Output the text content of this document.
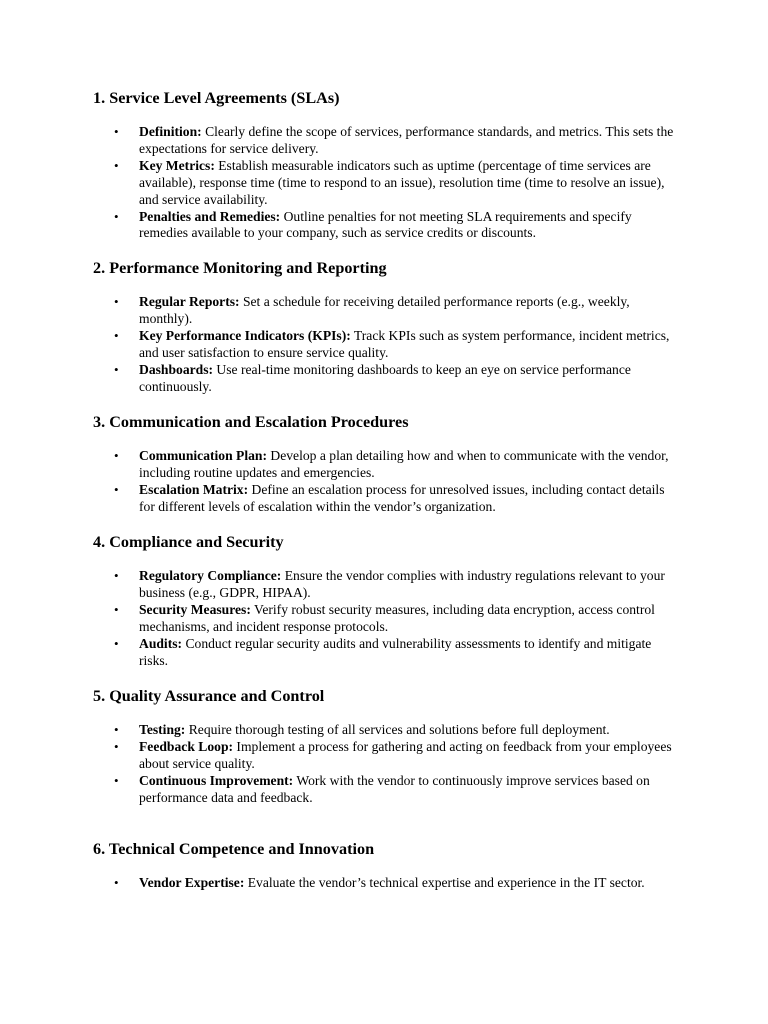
1. Service Level Agreements (SLAs)
• Definition: Clearly define the scope of services, performance standards, and metrics. This sets the expectations for service delivery.
• Key Metrics: Establish measurable indicators such as uptime (percentage of time services are available), response time (time to respond to an issue), resolution time (time to resolve an issue), and service availability.
• Penalties and Remedies: Outline penalties for not meeting SLA requirements and specify remedies available to your company, such as service credits or discounts.
2. Performance Monitoring and Reporting
• Regular Reports: Set a schedule for receiving detailed performance reports (e.g., weekly, monthly).
• Key Performance Indicators (KPIs): Track KPIs such as system performance, incident metrics, and user satisfaction to ensure service quality.
• Dashboards: Use real-time monitoring dashboards to keep an eye on service performance continuously.
3. Communication and Escalation Procedures
• Communication Plan: Develop a plan detailing how and when to communicate with the vendor, including routine updates and emergencies.
• Escalation Matrix: Define an escalation process for unresolved issues, including contact details for different levels of escalation within the vendor’s organization.
4. Compliance and Security
• Regulatory Compliance: Ensure the vendor complies with industry regulations relevant to your business (e.g., GDPR, HIPAA).
• Security Measures: Verify robust security measures, including data encryption, access control mechanisms, and incident response protocols.
• Audits: Conduct regular security audits and vulnerability assessments to identify and mitigate risks.
5. Quality Assurance and Control
• Testing: Require thorough testing of all services and solutions before full deployment.
• Feedback Loop: Implement a process for gathering and acting on feedback from your employees about service quality.
• Continuous Improvement: Work with the vendor to continuously improve services based on performance data and feedback.
6. Technical Competence and Innovation
• Vendor Expertise: Evaluate the vendor’s technical expertise and experience in the IT sector.
